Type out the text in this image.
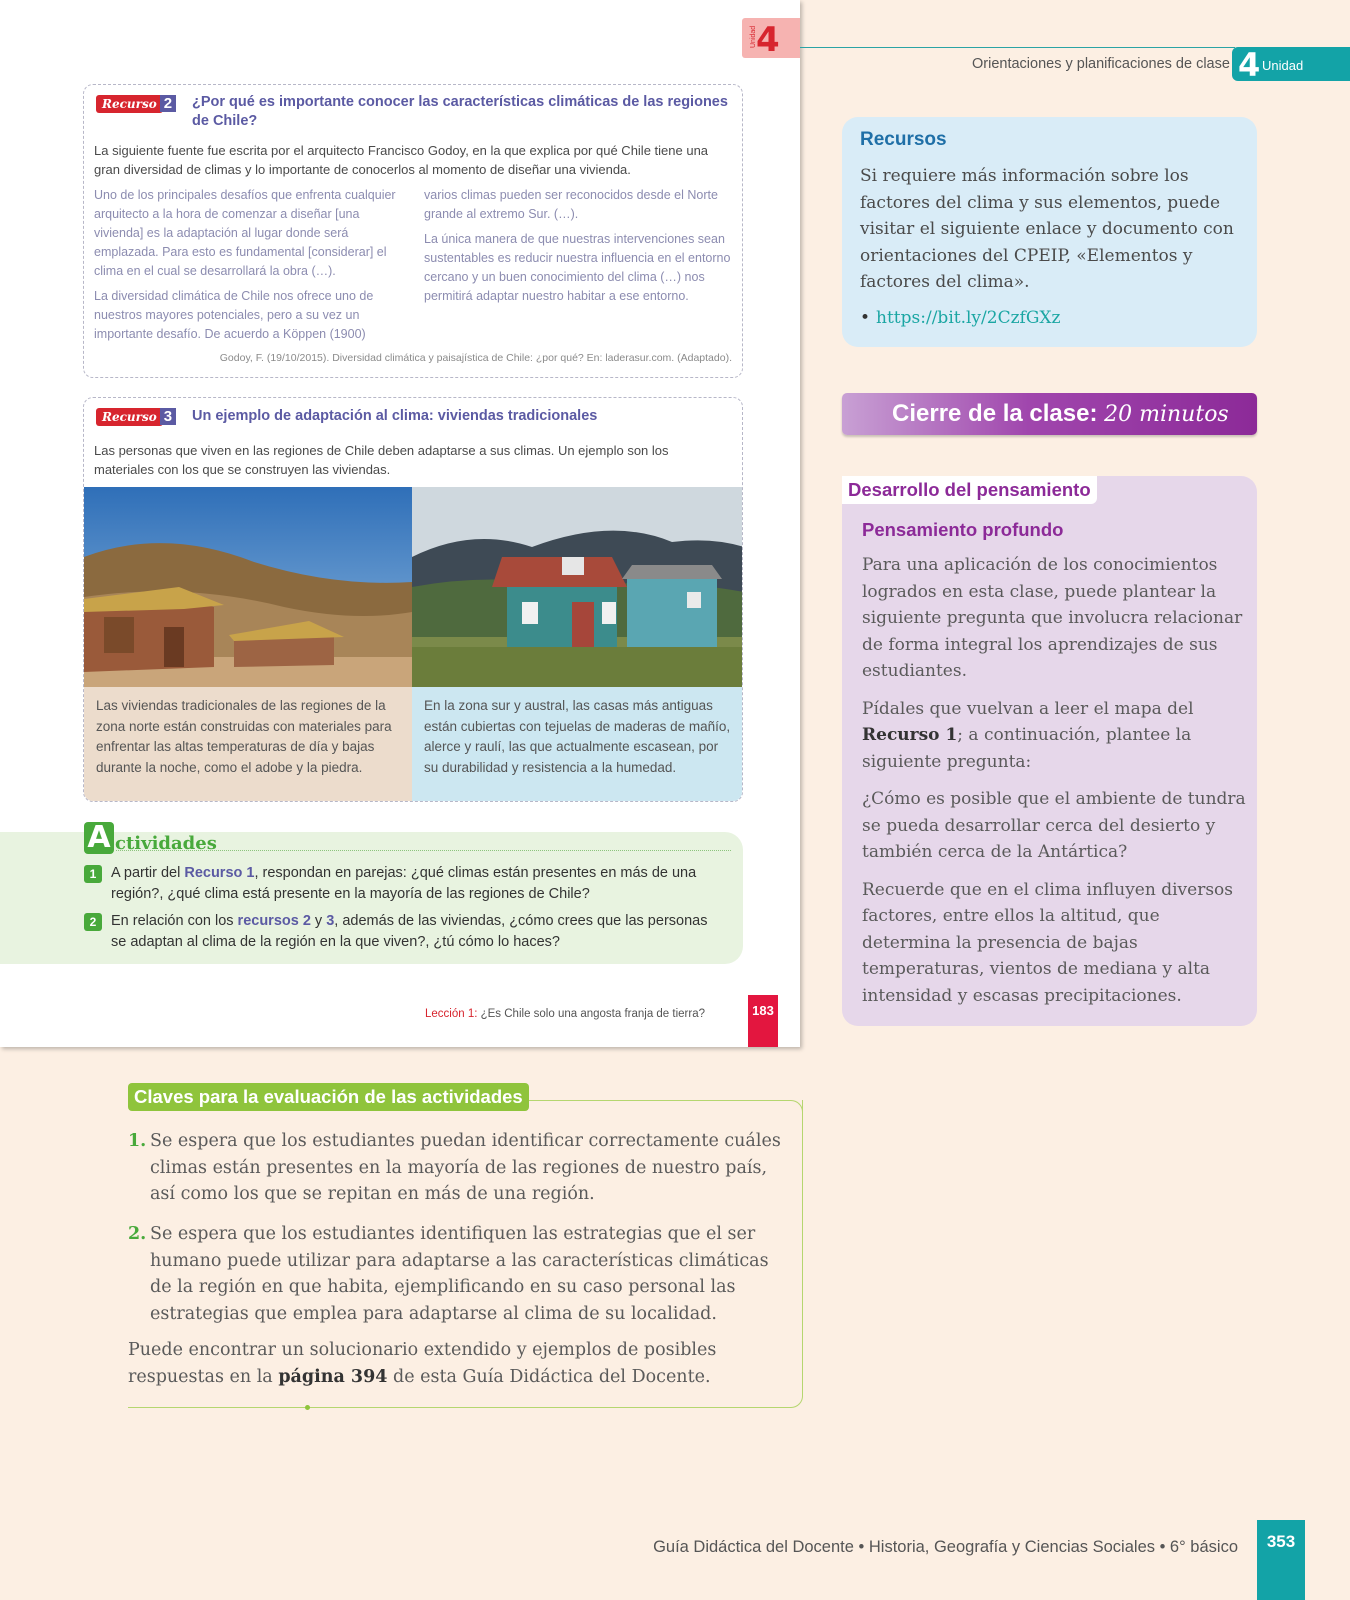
Unidad 4
Recurso 2 ¿Por qué es importante conocer las características climáticas de las regiones de Chile?
La siguiente fuente fue escrita por el arquitecto Francisco Godoy, en la que explica por qué Chile tiene una gran diversidad de climas y lo importante de conocerlos al momento de diseñar una vivienda.

Uno de los principales desafíos que enfrenta cualquier arquitecto a la hora de comenzar a diseñar [una vivienda] es la adaptación al lugar donde será emplazada. Para esto es fundamental [considerar] el clima en el cual se desarrollará la obra (…).

La diversidad climática de Chile nos ofrece uno de nuestros mayores potenciales, pero a su vez un importante desafío. De acuerdo a Köppen (1900)

varios climas pueden ser reconocidos desde el Norte grande al extremo Sur. (…).

La única manera de que nuestras intervenciones sean sustentables es reducir nuestra influencia en el entorno cercano y un buen conocimiento del clima (…) nos permitirá adaptar nuestro habitar a ese entorno.

Godoy, F. (19/10/2015). Diversidad climática y paisajística de Chile: ¿por qué? En: laderasur.com. (Adaptado).
Recurso 3 Un ejemplo de adaptación al clima: viviendas tradicionales
Las personas que viven en las regiones de Chile deben adaptarse a sus climas. Un ejemplo son los materiales con los que se construyen las viviendas.
Las viviendas tradicionales de las regiones de la zona norte están construidas con materiales para enfrentar las altas temperaturas de día y bajas durante la noche, como el adobe y la piedra.
En la zona sur y austral, las casas más antiguas están cubiertas con tejuelas de maderas de mañío, alerce y raulí, las que actualmente escasean, por su durabilidad y resistencia a la humedad.
A ctividades
1	A partir del Recurso 1, respondan en parejas: ¿qué climas están presentes en más de una región?, ¿qué clima está presente en la mayoría de las regiones de Chile?
2	En relación con los recursos 2 y 3, además de las viviendas, ¿cómo crees que las personas se adaptan al clima de la región en la que viven?, ¿tú cómo lo haces?
Lección 1: ¿Es Chile solo una angosta franja de tierra?	183
Orientaciones y planificaciones de clase 4 Unidad
Recursos
Si requiere más información sobre los factores del clima y sus elementos, puede visitar el siguiente enlace y documento con orientaciones del CPEIP, «Elementos y factores del clima».
• https://bit.ly/2CzfGXz
Cierre de la clase: 20 minutos
Desarrollo del pensamiento
Pensamiento profundo

Para una aplicación de los conocimientos logrados en esta clase, puede plantear la siguiente pregunta que involucra relacionar de forma integral los aprendizajes de sus estudiantes.

Pídales que vuelvan a leer el mapa del Recurso 1; a continuación, plantee la siguiente pregunta:

¿Cómo es posible que el ambiente de tundra se pueda desarrollar cerca del desierto y también cerca de la Antártica?

Recuerde que en el clima influyen diversos factores, entre ellos la altitud, que determina la presencia de bajas temperaturas, vientos de mediana y alta intensidad y escasas precipitaciones.

Claves para la evaluación de las actividades
1. Se espera que los estudiantes puedan identificar correctamente cuáles climas están presentes en la mayoría de las regiones de nuestro país, así como los que se repitan en más de una región.
2. Se espera que los estudiantes identifiquen las estrategias que el ser humano puede utilizar para adaptarse a las características climáticas de la región en que habita, ejemplificando en su caso personal las estrategias que emplea para adaptarse al clima de su localidad.
Puede encontrar un solucionario extendido y ejemplos de posibles respuestas en la página 394 de esta Guía Didáctica del Docente.
Guía Didáctica del Docente • Historia, Geografía y Ciencias Sociales • 6° básico	353
